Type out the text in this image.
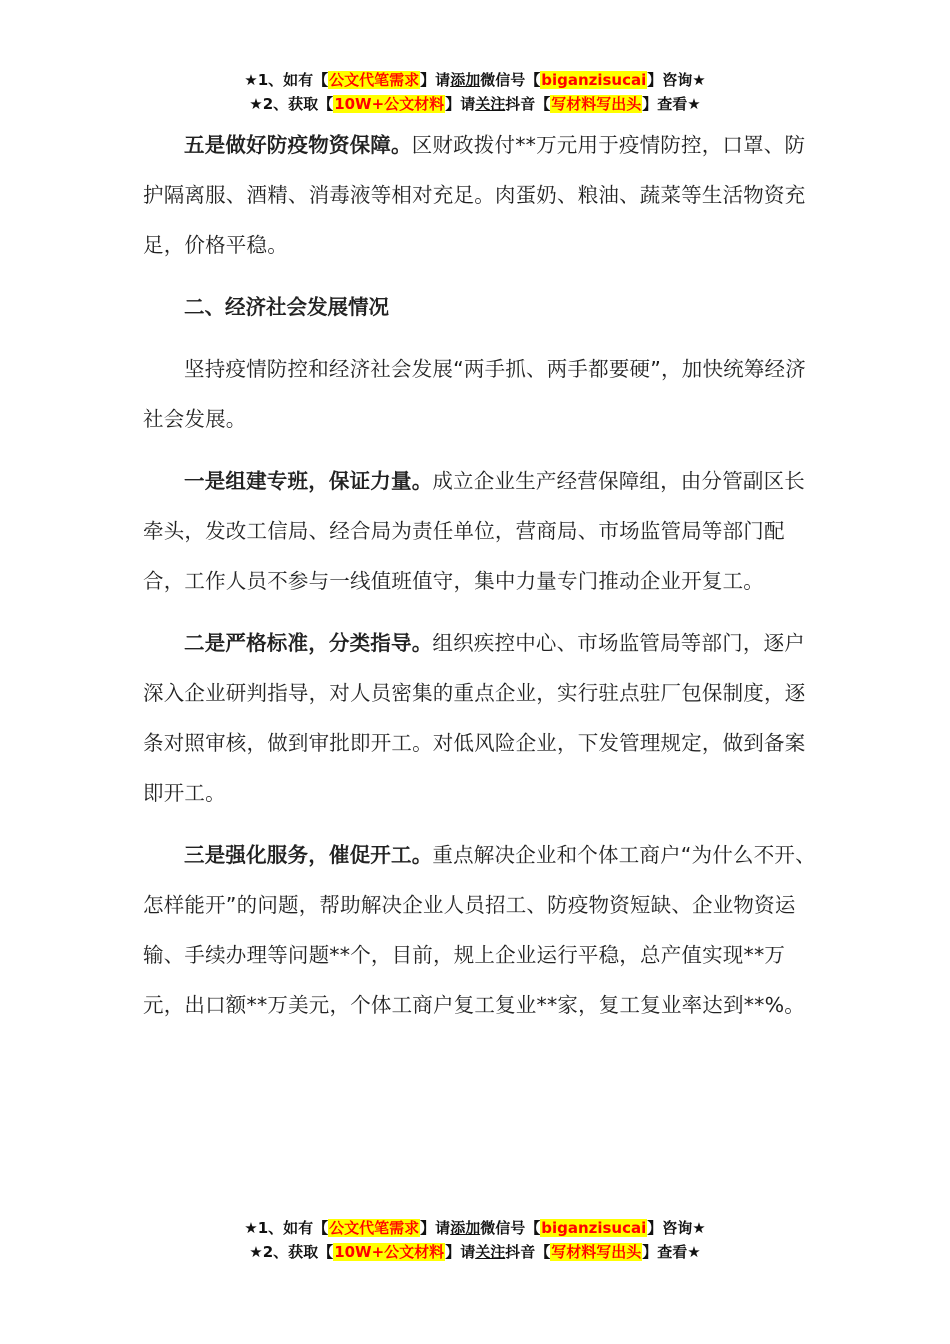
★1、如有【公文代笔需求】请添加微信号【biganzisucai】咨询★
★2、获取【10W+公文材料】请关注抖音【写材料写出头】查看★

五是做好防疫物资保障。区财政拨付**万元用于疫情防控，口罩、防护隔离服、酒精、消毒液等相对充足。肉蛋奶、粮油、蔬菜等生活物资充足，价格平稳。

二、经济社会发展情况

坚持疫情防控和经济社会发展“两手抓、两手都要硬”，加快统筹经济社会发展。

一是组建专班，保证力量。成立企业生产经营保障组，由分管副区长牵头，发改工信局、经合局为责任单位，营商局、市场监管局等部门配合，工作人员不参与一线值班值守，集中力量专门推动企业开复工。

二是严格标准，分类指导。组织疾控中心、市场监管局等部门，逐户深入企业研判指导，对人员密集的重点企业，实行驻点驻厂包保制度，逐条对照审核，做到审批即开工。对低风险企业，下发管理规定，做到备案即开工。

三是强化服务，催促开工。重点解决企业和个体工商户“为什么不开、怎样能开”的问题，帮助解决企业人员招工、防疫物资短缺、企业物资运输、手续办理等问题**个，目前，规上企业运行平稳，总产值实现**万元，出口额**万美元，个体工商户复工复业**家，复工复业率达到**%。

★1、如有【公文代笔需求】请添加微信号【biganzisucai】咨询★
★2、获取【10W+公文材料】请关注抖音【写材料写出头】查看★
